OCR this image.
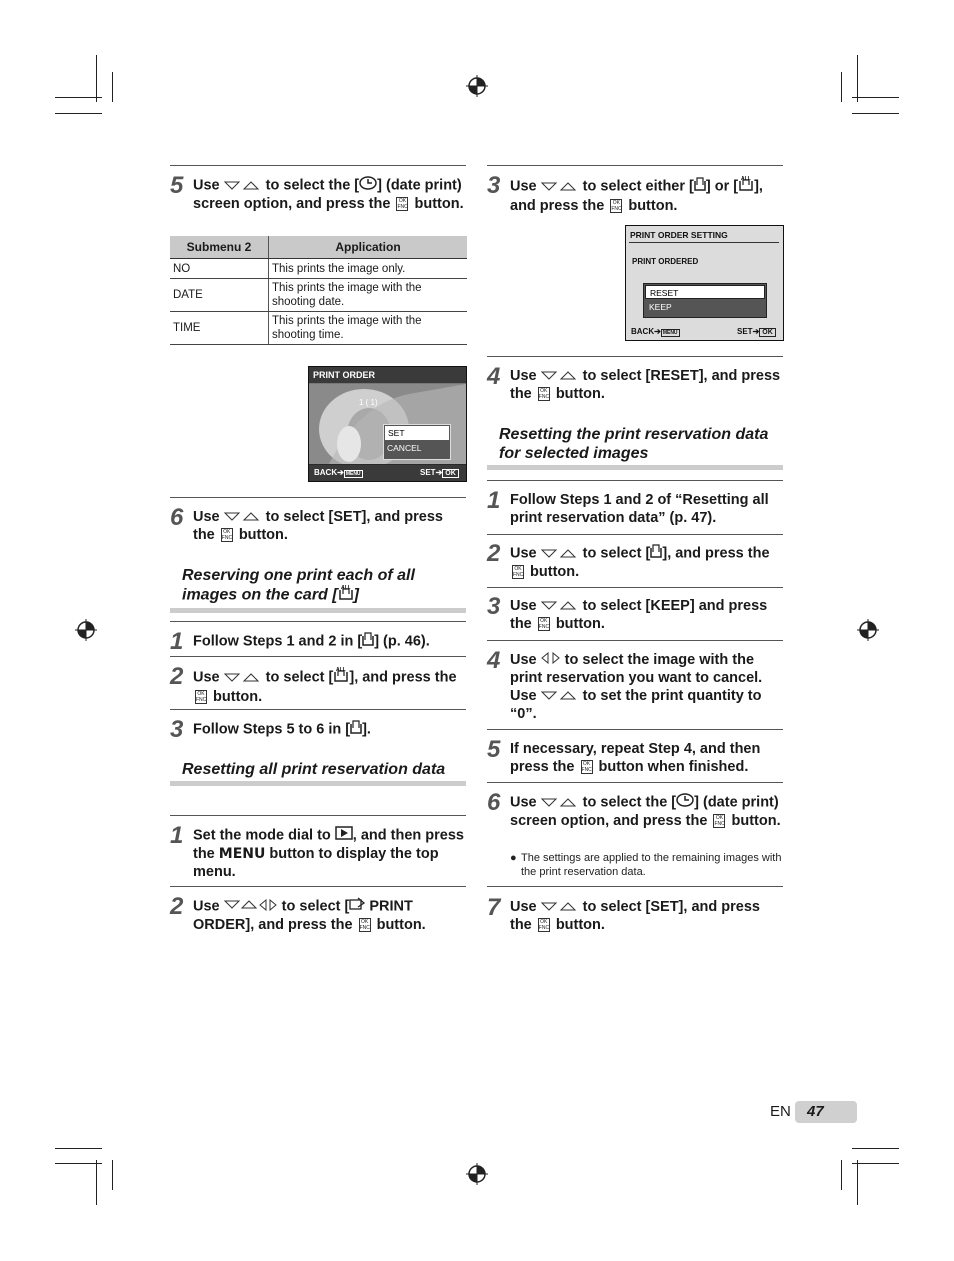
5 Use	to select the [ ] (date print) screen option, and press the OK
FNC button.
Submenu 2	Application
NO	This prints the image only.
DATE	This prints the image with the shooting date.
TIME	This prints the image with the shooting time.
PRINT ORDER
1 ( 1)
SET
CANCEL
BACK➔ MENU	SET➔ OK
6 Use	to select [SET], and press the OK
FNC button.
Reserving one print each of all images on the card [ ALL ]
1 Follow Steps 1 and 2 in [ ] (p. 46).
2 Use	to select [ ALL ], and press the OK
FNC button.
3 Follow Steps 5 to 6 in [ ].
Resetting all print reservation data
1 Set the mode dial to , and then press the MENU button to display the top menu.
2 Use	to select [ PRINT ORDER], and press the OK
FNC button.
3 Use	to select either [ ] or [ ALL ], and press the OK
FNC button.
PRINT ORDER SETTING
PRINT ORDERED
RESET
KEEP
BACK➔ MENU	SET➔ OK
4 Use	to select [RESET], and press the OK
FNC button.
Resetting the print reservation data for selected images
1 Follow Steps 1 and 2 of “Resetting all print reservation data” (p. 47).
2 Use	to select [ ], and press the OK
FNC button.
3 Use	to select [KEEP] and press the OK
FNC button.
4 Use to select the image with the print reservation you want to cancel. Use	to set the print quantity to “0”.
5 If necessary, repeat Step 4, and then press the OK
FNC button when finished.
6 Use	to select the [ ] (date print) screen option, and press the OK
FNC button.
● The settings are applied to the remaining images with the print reservation data.
7 Use	to select [SET], and press the OK
FNC button.
EN 47
